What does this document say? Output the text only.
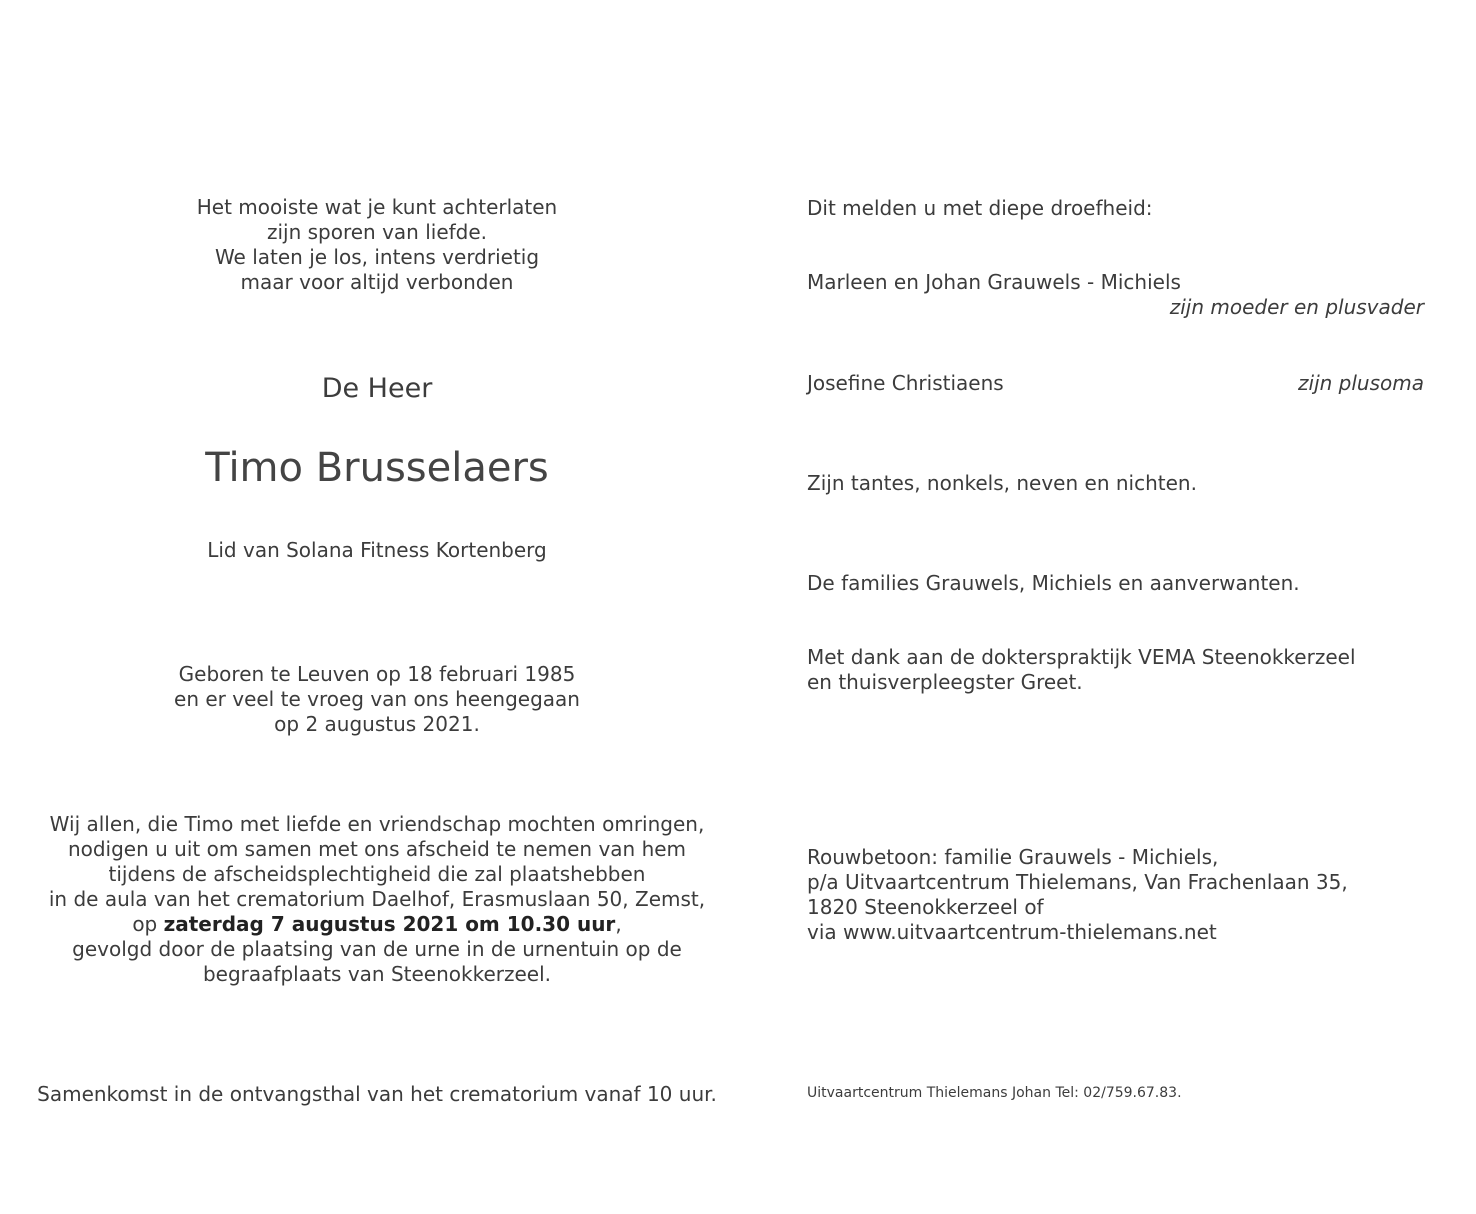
Het mooiste wat je kunt achterlaten
zijn sporen van liefde.
We laten je los, intens verdrietig
maar voor altijd verbonden
De Heer
Timo Brusselaers
Lid van Solana Fitness Kortenberg
Geboren te Leuven op 18 februari 1985
en er veel te vroeg van ons heengegaan
op 2 augustus 2021.
Wij allen, die Timo met liefde en vriendschap mochten omringen,
nodigen u uit om samen met ons afscheid te nemen van hem
tijdens de afscheidsplechtigheid die zal plaatshebben
in de aula van het crematorium Daelhof, Erasmuslaan 50, Zemst,
op zaterdag 7 augustus 2021 om 10.30 uur,
gevolgd door de plaatsing van de urne in de urnentuin op de
begraafplaats van Steenokkerzeel.
Samenkomst in de ontvangsthal van het crematorium vanaf 10 uur.
Dit melden u met diepe droefheid:
Marleen en Johan Grauwels - Michiels
zijn moeder en plusvader
Josefine Christiaens	zijn plusoma
Zijn tantes, nonkels, neven en nichten.
De families Grauwels, Michiels en aanverwanten.
Met dank aan de dokterspraktijk VEMA Steenokkerzeel
en thuisverpleegster Greet.
Rouwbetoon: familie Grauwels - Michiels,
p/a Uitvaartcentrum Thielemans, Van Frachenlaan 35,
1820 Steenokkerzeel of
via www.uitvaartcentrum-thielemans.net
Uitvaartcentrum Thielemans Johan Tel: 02/759.67.83.
